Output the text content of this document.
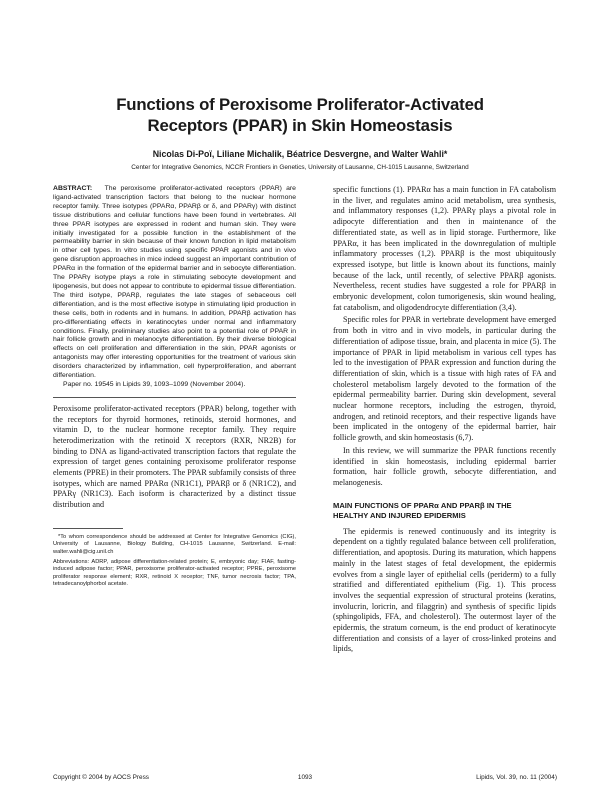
Functions of Peroxisome Proliferator-Activated
Receptors (PPAR) in Skin Homeostasis
Nicolas Di-Poï, Liliane Michalik, Béatrice Desvergne, and Walter Wahli*
Center for Integrative Genomics, NCCR Frontiers in Genetics, University of Lausanne, CH-1015 Lausanne, Switzerland

ABSTRACT: The peroxisome proliferator-activated receptors (PPAR) are ligand-activated transcription factors that belong to the nuclear hormone receptor family. Three isotypes (PPARα, PPARβ or δ, and PPARγ) with distinct tissue distributions and cellular functions have been found in vertebrates. All three PPAR isotypes are expressed in rodent and human skin. They were initially investigated for a possible function in the establishment of the permeability barrier in skin because of their known function in lipid metabolism in other cell types. In vitro studies using specific PPAR agonists and in vivo gene disruption approaches in mice indeed suggest an important contribution of PPARα in the formation of the epidermal barrier and in sebocyte differentiation. The PPARγ isotype plays a role in stimulating sebocyte development and lipogenesis, but does not appear to contribute to epidermal tissue differentiation. The third isotype, PPARβ, regulates the late stages of sebaceous cell differentiation, and is the most effective isotype in stimulating lipid production in these cells, both in rodents and in humans. In addition, PPARβ activation has pro-differentiating effects in keratinocytes under normal and inflammatory conditions. Finally, preliminary studies also point to a potential role of PPAR in hair follicle growth and in melanocyte differentiation. By their diverse biological effects on cell proliferation and differentiation in the skin, PPAR agonists or antagonists may offer interesting opportunities for the treatment of various skin disorders characterized by inflammation, cell hyperproliferation, and aberrant differentiation.

Paper no. 19545 in Lipids 39, 1093–1099 (November 2004).

Peroxisome proliferator-activated receptors (PPAR) belong, together with the receptors for thyroid hormones, retinoids, steroid hormones, and vitamin D, to the nuclear hormone receptor family. They require heterodimerization with the retinoid X receptors (RXR, NR2B) for binding to DNA as ligand-activated transcription factors that regulate the expression of target genes containing peroxisome proliferator response elements (PPRE) in their promoters. The PPAR subfamily consists of three isotypes, which are named PPARα (NR1C1), PPARβ or δ (NR1C2), and PPARγ (NR1C3). Each isoform is characterized by a distinct tissue distribution and

*To whom correspondence should be addressed at Center for Integrative Genomics (CIG), University of Lausanne, Biology Building, CH-1015 Lausanne, Switzerland. E-mail: walter.wahli@cig.unil.ch

Abbreviations: ADRP, adipose differentiation-related protein; E, embryonic day; FIAF, fasting-induced adipose factor; PPAR, peroxisome proliferator-activated receptor; PPRE, peroxisome proliferator response element; RXR, retinoid X receptor; TNF, tumor necrosis factor; TPA, tetradecanoylphorbol acetate.

specific functions (1). PPARα has a main function in FA catabolism in the liver, and regulates amino acid metabolism, urea synthesis, and inflammatory responses (1,2). PPARγ plays a pivotal role in adipocyte differentiation and then in maintenance of the differentiated state, as well as in lipid storage. Furthermore, like PPARα, it has been implicated in the downregulation of multiple inflammatory processes (1,2). PPARβ is the most ubiquitously expressed isotype, but little is known about its functions, mainly because of the lack, until recently, of selective PPARβ agonists. Nevertheless, recent studies have suggested a role for PPARβ in embryonic development, colon tumorigenesis, skin wound healing, fat catabolism, and oligodendrocyte differentiation (3,4).

Specific roles for PPAR in vertebrate development have emerged from both in vitro and in vivo models, in particular during the differentiation of adipose tissue, brain, and placenta in mice (5). The importance of PPAR in lipid metabolism in various cell types has led to the investigation of PPAR expression and function during the differentiation of skin, which is a tissue with high rates of FA and cholesterol metabolism largely devoted to the formation of the epidermal permeability barrier. During skin development, several nuclear hormone receptors, including the estrogen, thyroid, androgen, and retinoid receptors, and their respective ligands have been implicated in the ontogeny of the epidermal barrier, hair follicle growth, and skin homeostasis (6,7).

In this review, we will summarize the PPAR functions recently identified in skin homeostasis, including epidermal barrier formation, hair follicle growth, sebocyte differentiation, and melanogenesis.

MAIN FUNCTIONS OF PPARα AND PPARβ IN THE
HEALTHY AND INJURED EPIDERMIS

The epidermis is renewed continuously and its integrity is dependent on a tightly regulated balance between cell proliferation, differentiation, and apoptosis. During its maturation, which happens mainly in the latest stages of fetal development, the epidermis evolves from a single layer of epithelial cells (periderm) to a fully stratified and differentiated epithelium (Fig. 1). This process involves the sequential expression of structural proteins (keratins, involucrin, loricrin, and filaggrin) and synthesis of specific lipids (sphingolipids, FFA, and cholesterol). The outermost layer of the epidermis, the stratum corneum, is the end product of keratinocyte differentiation and consists of a layer of cross-linked proteins and lipids,

Copyright © 2004 by AOCS Press	1093	Lipids, Vol. 39, no. 11 (2004)
